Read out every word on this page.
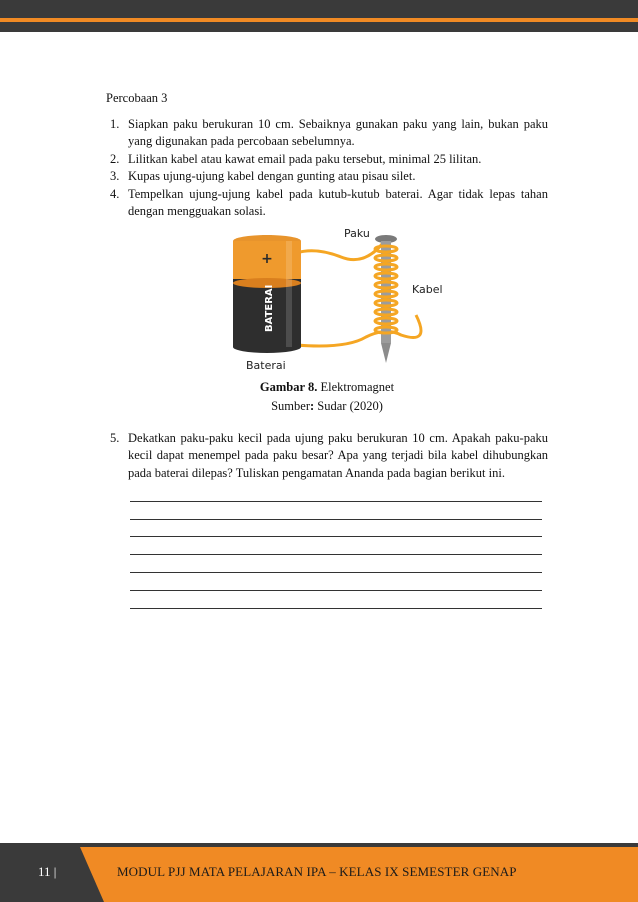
Percobaan 3

1. Siapkan paku berukuran 10 cm. Sebaiknya gunakan paku yang lain, bukan paku yang digunakan pada percobaan sebelumnya.
2. Lilitkan kabel atau kawat email pada paku tersebut, minimal 25 lilitan.
3. Kupas ujung-ujung kabel dengan gunting atau pisau silet.
4. Tempelkan ujung-ujung kabel pada kutub-kutub baterai. Agar tidak lepas tahan dengan mengguakan solasi.
+
BATERAI
Paku
Kabel
Baterai
Gambar 8. Elektromagnet
Sumber: Sudar (2020)
5. Dekatkan paku-paku kecil pada ujung paku berukuran 10 cm. Apakah paku-paku kecil dapat menempel pada paku besar? Apa yang terjadi bila kabel dihubungkan pada baterai dilepas? Tuliskan pengamatan Ananda pada bagian berikut ini.
11 |	MODUL PJJ MATA PELAJARAN IPA – KELAS IX SEMESTER GENAP
